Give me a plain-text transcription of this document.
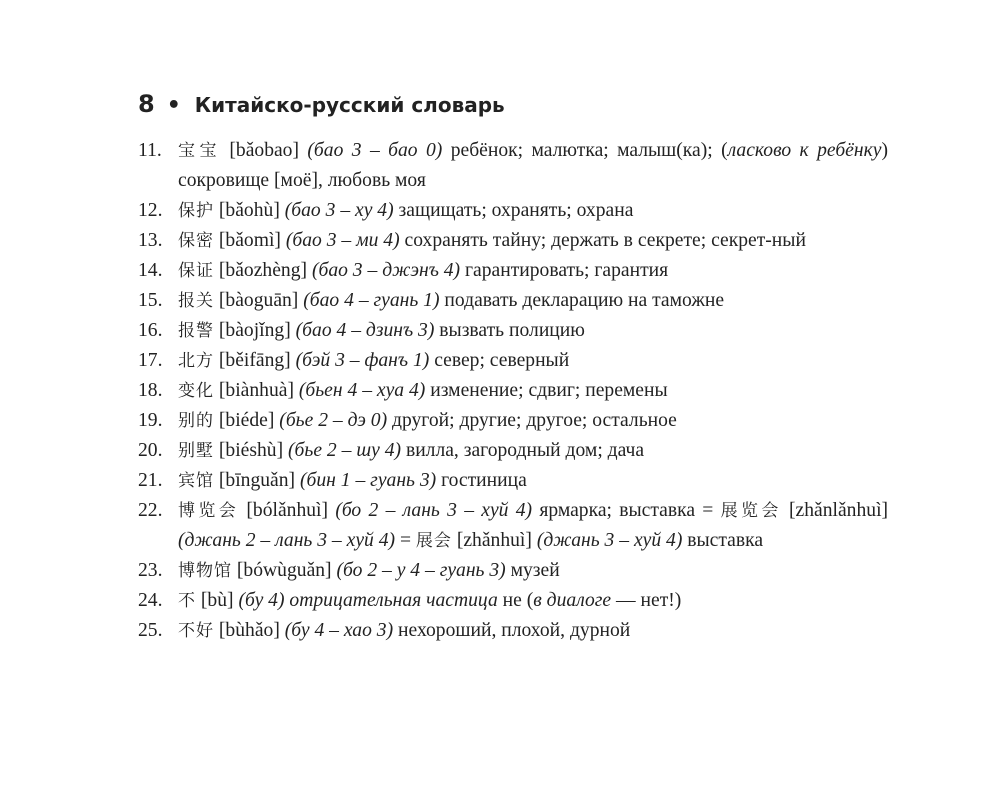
8 • Китайско-русский словарь
11. 宝宝 [bǎobao] (бао 3 – бао 0) ребёнок; малютка; малыш(ка); (ласково к ребёнку) сокровище [моё], любовь моя
12. 保护 [bǎohù] (бао 3 – ху 4) защищать; охранять; охрана
13. 保密 [bǎomì] (бао 3 – ми 4) сохранять тайну; держать в секрете; секрет-ный
14. 保证 [bǎozhèng] (бао 3 – джэнъ 4) гарантировать; гарантия
15. 报关 [bàoguān] (бао 4 – гуань 1) подавать декларацию на таможне
16. 报警 [bàojǐng] (бао 4 – дзинъ 3) вызвать полицию
17. 北方 [běifāng] (бэй 3 – фанъ 1) север; северный
18. 变化 [biànhuà] (бьен 4 – хуа 4) изменение; сдвиг; перемены
19. 别的 [biéde] (бье 2 – дэ 0) другой; другие; другое; остальное
20. 别墅 [biéshù] (бье 2 – шу 4) вилла, загородный дом; дача
21. 宾馆 [bīnguǎn] (бин 1 – гуань 3) гостиница
22. 博览会 [bólǎnhuì] (бо 2 – лань 3 – хуй 4) ярмарка; выставка = 展览会 [zhǎnlǎnhuì] (джань 2 – лань 3 – хуй 4) = 展会 [zhǎnhuì] (джань 3 – хуй 4) выставка
23. 博物馆 [bówùguǎn] (бо 2 – у 4 – гуань 3) музей
24. 不 [bù] (бу 4) отрицательная частица не (в диалоге — нет!)
25. 不好 [bùhǎo] (бу 4 – хао 3) нехороший, плохой, дурной
